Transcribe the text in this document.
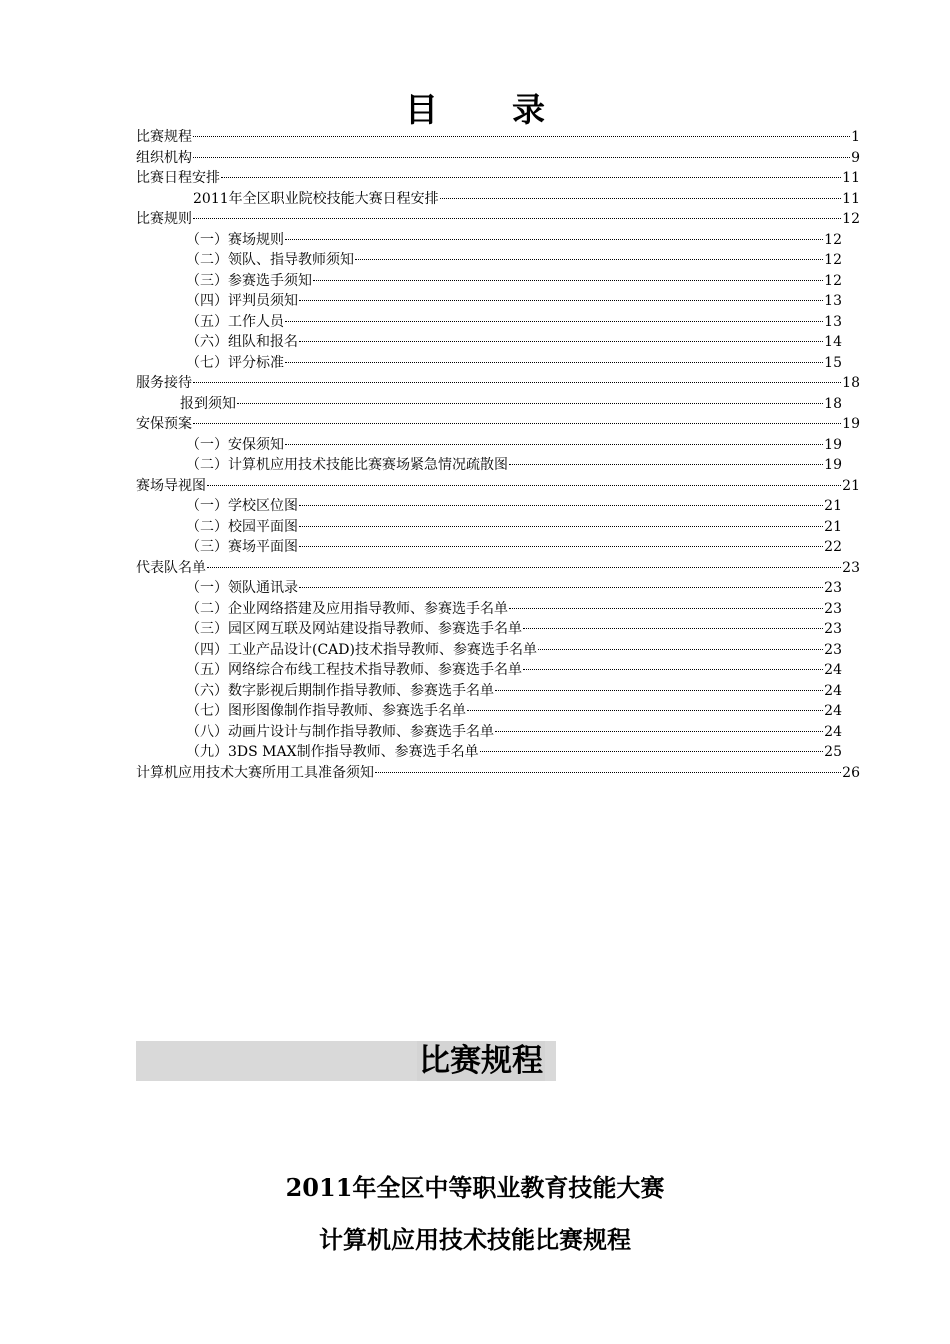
目 录
比赛规程	1
组织机构	9
比赛日程安排	11
2011年全区职业院校技能大赛日程安排	11
比赛规则	12
（一）赛场规则	12
（二）领队、指导教师须知	12
（三）参赛选手须知	12
（四）评判员须知	13
（五）工作人员	13
（六）组队和报名	14
（七）评分标准	15
服务接待	18
报到须知	18
安保预案	19
（一）安保须知	19
（二）计算机应用技术技能比赛赛场紧急情况疏散图	19
赛场导视图	21
（一）学校区位图	21
（二）校园平面图	21
（三）赛场平面图	22
代表队名单	23
（一）领队通讯录	23
（二）企业网络搭建及应用指导教师、参赛选手名单	23
（三）园区网互联及网站建设指导教师、参赛选手名单	23
（四）工业产品设计(CAD)技术指导教师、参赛选手名单	23
（五）网络综合布线工程技术指导教师、参赛选手名单	24
（六）数字影视后期制作指导教师、参赛选手名单	24
（七）图形图像制作指导教师、参赛选手名单	24
（八）动画片设计与制作指导教师、参赛选手名单	24
（九）3DS MAX制作指导教师、参赛选手名单	25
计算机应用技术大赛所用工具准备须知	26
比赛规程
2011年全区中等职业教育技能大赛
计算机应用技术技能比赛规程
